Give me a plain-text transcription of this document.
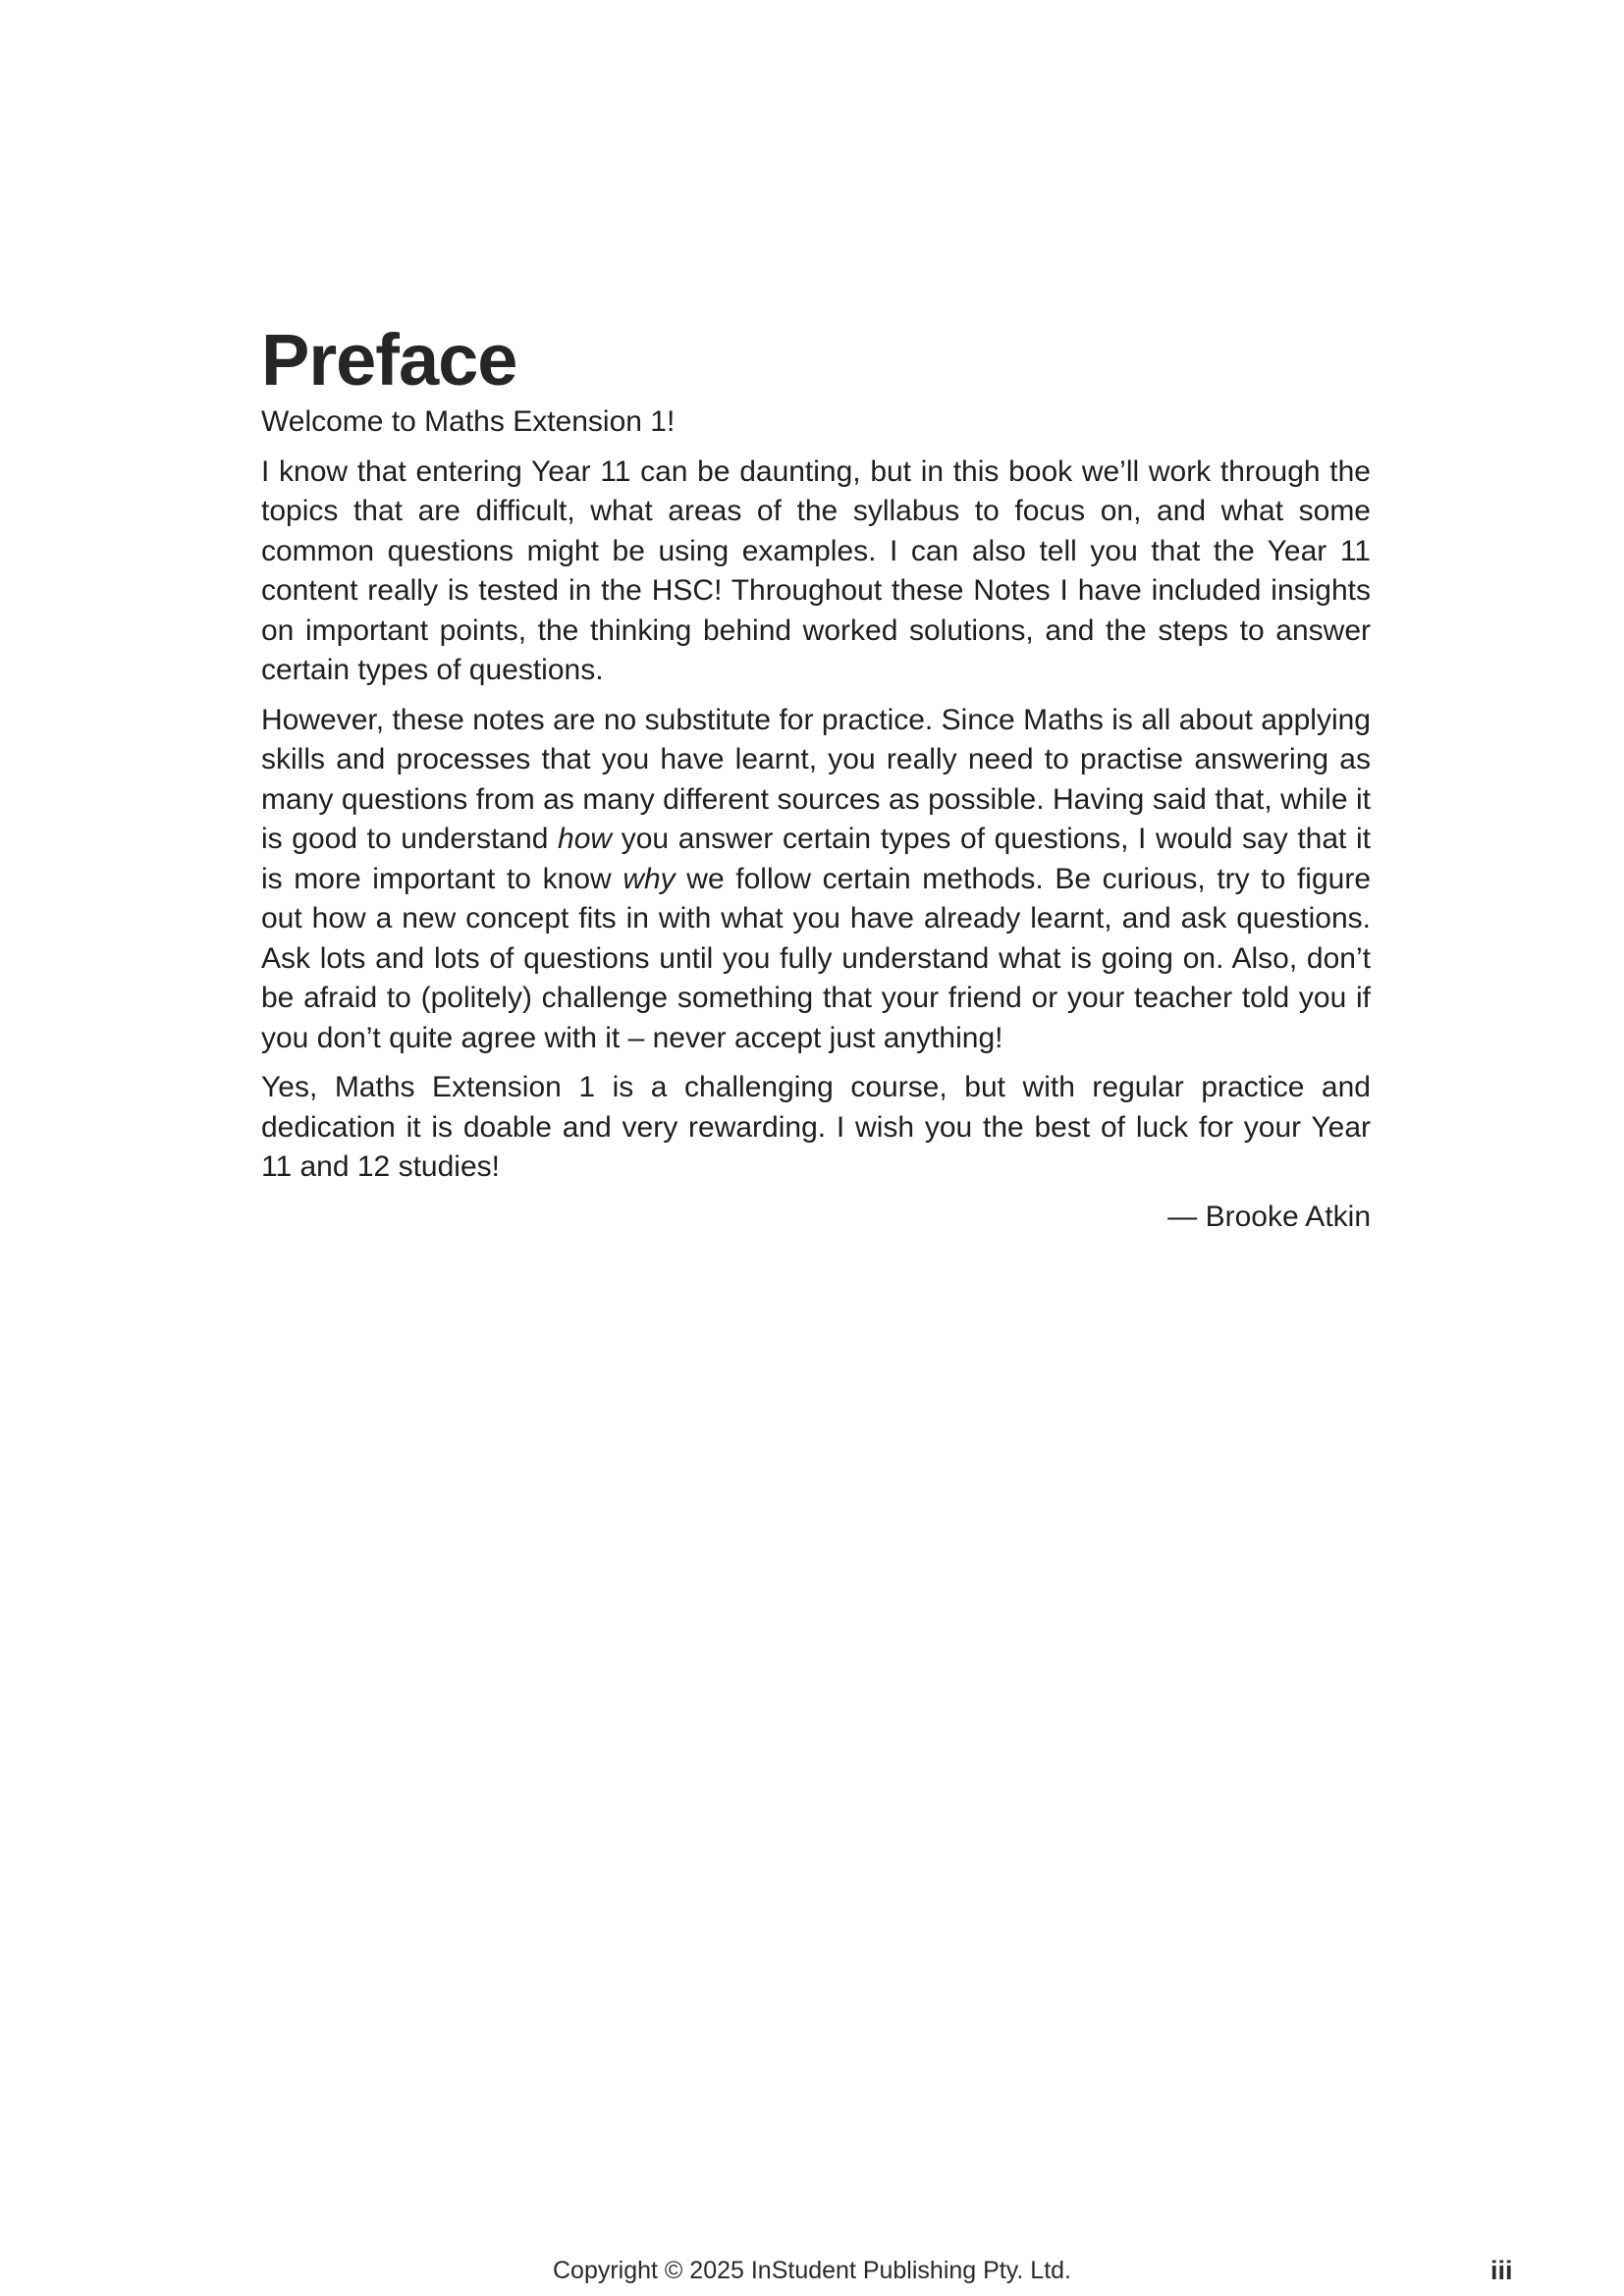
Preface

Welcome to Maths Extension 1!

I know that entering Year 11 can be daunting, but in this book we’ll work through the topics that are difficult, what areas of the syllabus to focus on, and what some common questions might be using examples. I can also tell you that the Year 11 content really is tested in the HSC! Throughout these Notes I have included insights on important points, the thinking behind worked solutions, and the steps to answer certain types of questions.

However, these notes are no substitute for practice. Since Maths is all about applying skills and processes that you have learnt, you really need to practise answering as many questions from as many different sources as possible. Having said that, while it is good to understand how you answer certain types of questions, I would say that it is more important to know why we follow certain methods. Be curious, try to figure out how a new concept fits in with what you have already learnt, and ask questions. Ask lots and lots of questions until you fully understand what is going on. Also, don’t be afraid to (politely) challenge something that your friend or your teacher told you if you don’t quite agree with it – never accept just anything!

Yes, Maths Extension 1 is a challenging course, but with regular practice and dedication it is doable and very rewarding. I wish you the best of luck for your Year 11 and 12 studies!

— Brooke Atkin

Copyright © 2025 InStudent Publishing Pty. Ltd.	iii
